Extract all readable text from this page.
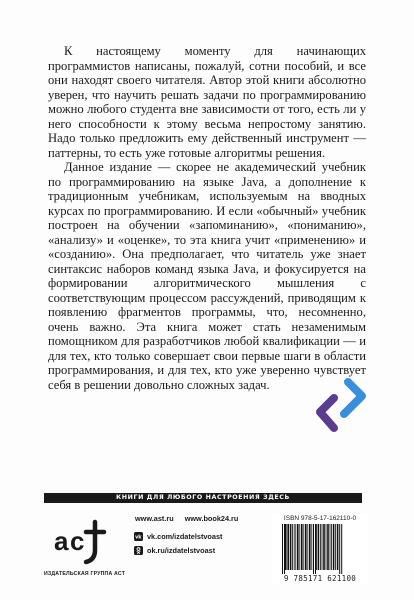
К настоящему моменту для начинающих программистов написаны, пожалуй, сотни пособий, и все они находят своего читателя. Автор этой книги абсолютно уверен, что научить решать задачи по программированию можно любого студента вне зависимости от того, есть ли у него способности к этому весьма непростому занятию. Надо только предложить ему действенный инструмент — паттерны, то есть уже готовые алгоритмы решения.

Данное издание — скорее не академический учебник по программированию на языке Java, а дополнение к традиционным учебникам, используемым на вводных курсах по программированию. И если «обычный» учебник построен на обучении «запоминанию», «пониманию», «анализу» и «оценке», то эта книга учит «применению» и «созданию». Она предполагает, что читатель уже знает синтаксис наборов команд языка Java, и фокусируется на формировании алгоритмического мышления с соответствующим процессом рассуждений, приводящим к появлению фрагментов программы, что, несомненно, очень важно. Эта книга может стать незаменимым помощником для разработчиков любой квалификации — и для тех, кто только совершает свои первые шаги в области программирования, и для тех, кто уже уверенно чувствует себя в решении довольно сложных задач.

КНИГИ ДЛЯ ЛЮБОГО НАСТРОЕНИЯ ЗДЕСЬ
a c
ИЗДАТЕЛЬСКАЯ ГРУППА АСТ
www.ast.ru www.book24.ru
vk vk.com/izdatelstvoast
ok.ru/izdatelstvoast
ISBN 978-5-17-162110-0
9 785171 621100
